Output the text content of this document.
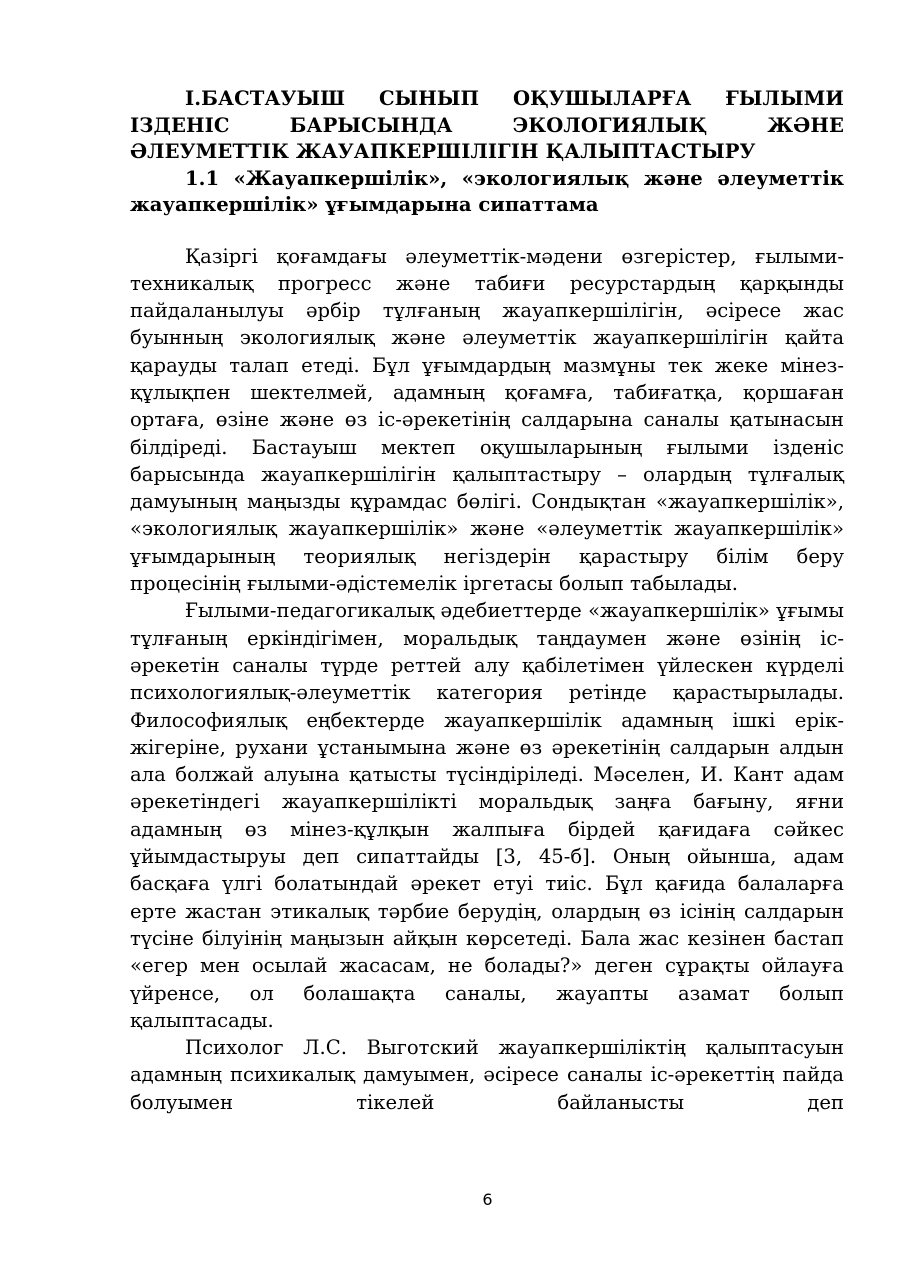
І.БАСТАУЫШ СЫНЫП ОҚУШЫЛАРҒА ҒЫЛЫМИ ІЗДЕНІС БАРЫСЫНДА ЭКОЛОГИЯЛЫҚ ЖӘНЕ ӘЛЕУМЕТТІК ЖАУАПКЕРШІЛІГІН ҚАЛЫПТАСТЫРУ

1.1 «Жауапкершілік», «экологиялық және әлеуметтік жауапкершілік» ұғымдарына сипаттама

Қазіргі қоғамдағы әлеуметтік-мәдени өзгерістер, ғылыми-техникалық прогресс және табиғи ресурстардың қарқынды пайдаланылуы әрбір тұлғаның жауапкершілігін, әсіресе жас буынның экологиялық және әлеуметтік жауапкершілігін қайта қарауды талап етеді. Бұл ұғымдардың мазмұны тек жеке мінез-құлықпен шектелмей, адамның қоғамға, табиғатқа, қоршаған ортаға, өзіне және өз іс-әрекетінің салдарына саналы қатынасын білдіреді. Бастауыш мектеп оқушыларының ғылыми ізденіс барысында жауапкершілігін қалыптастыру – олардың тұлғалық дамуының маңызды құрамдас бөлігі. Сондықтан «жауапкершілік», «экологиялық жауапкершілік» және «әлеуметтік жауапкершілік» ұғымдарының теориялық негіздерін қарастыру білім беру процесінің ғылыми-әдістемелік іргетасы болып табылады.

Ғылыми-педагогикалық әдебиеттерде «жауапкершілік» ұғымы тұлғаның еркіндігімен, моральдық таңдаумен және өзінің іс-әрекетін саналы түрде реттей алу қабілетімен үйлескен күрделі психологиялық-әлеуметтік категория ретінде қарастырылады. Философиялық еңбектерде жауапкершілік адамның ішкі ерік-жігеріне, рухани ұстанымына және өз әрекетінің салдарын алдын ала болжай алуына қатысты түсіндіріледі. Мәселен, И. Кант адам әрекетіндегі жауапкершілікті моральдық заңға бағыну, яғни адамның өз мінез-құлқын жалпыға бірдей қағидаға сәйкес ұйымдастыруы деп сипаттайды [3, 45-б]. Оның ойынша, адам басқаға үлгі болатындай әрекет етуі тиіс. Бұл қағида балаларға ерте жастан этикалық тәрбие берудің, олардың өз ісінің салдарын түсіне білуінің маңызын айқын көрсетеді. Бала жас кезінен бастап «егер мен осылай жасасам, не болады?» деген сұрақты ойлауға үйренсе, ол болашақта саналы, жауапты азамат болып қалыптасады.

Психолог Л.С. Выготский жауапкершіліктің қалыптасуын адамның психикалық дамуымен, әсіресе саналы іс-әрекеттің пайда болуымен тікелей байланысты деп

6
